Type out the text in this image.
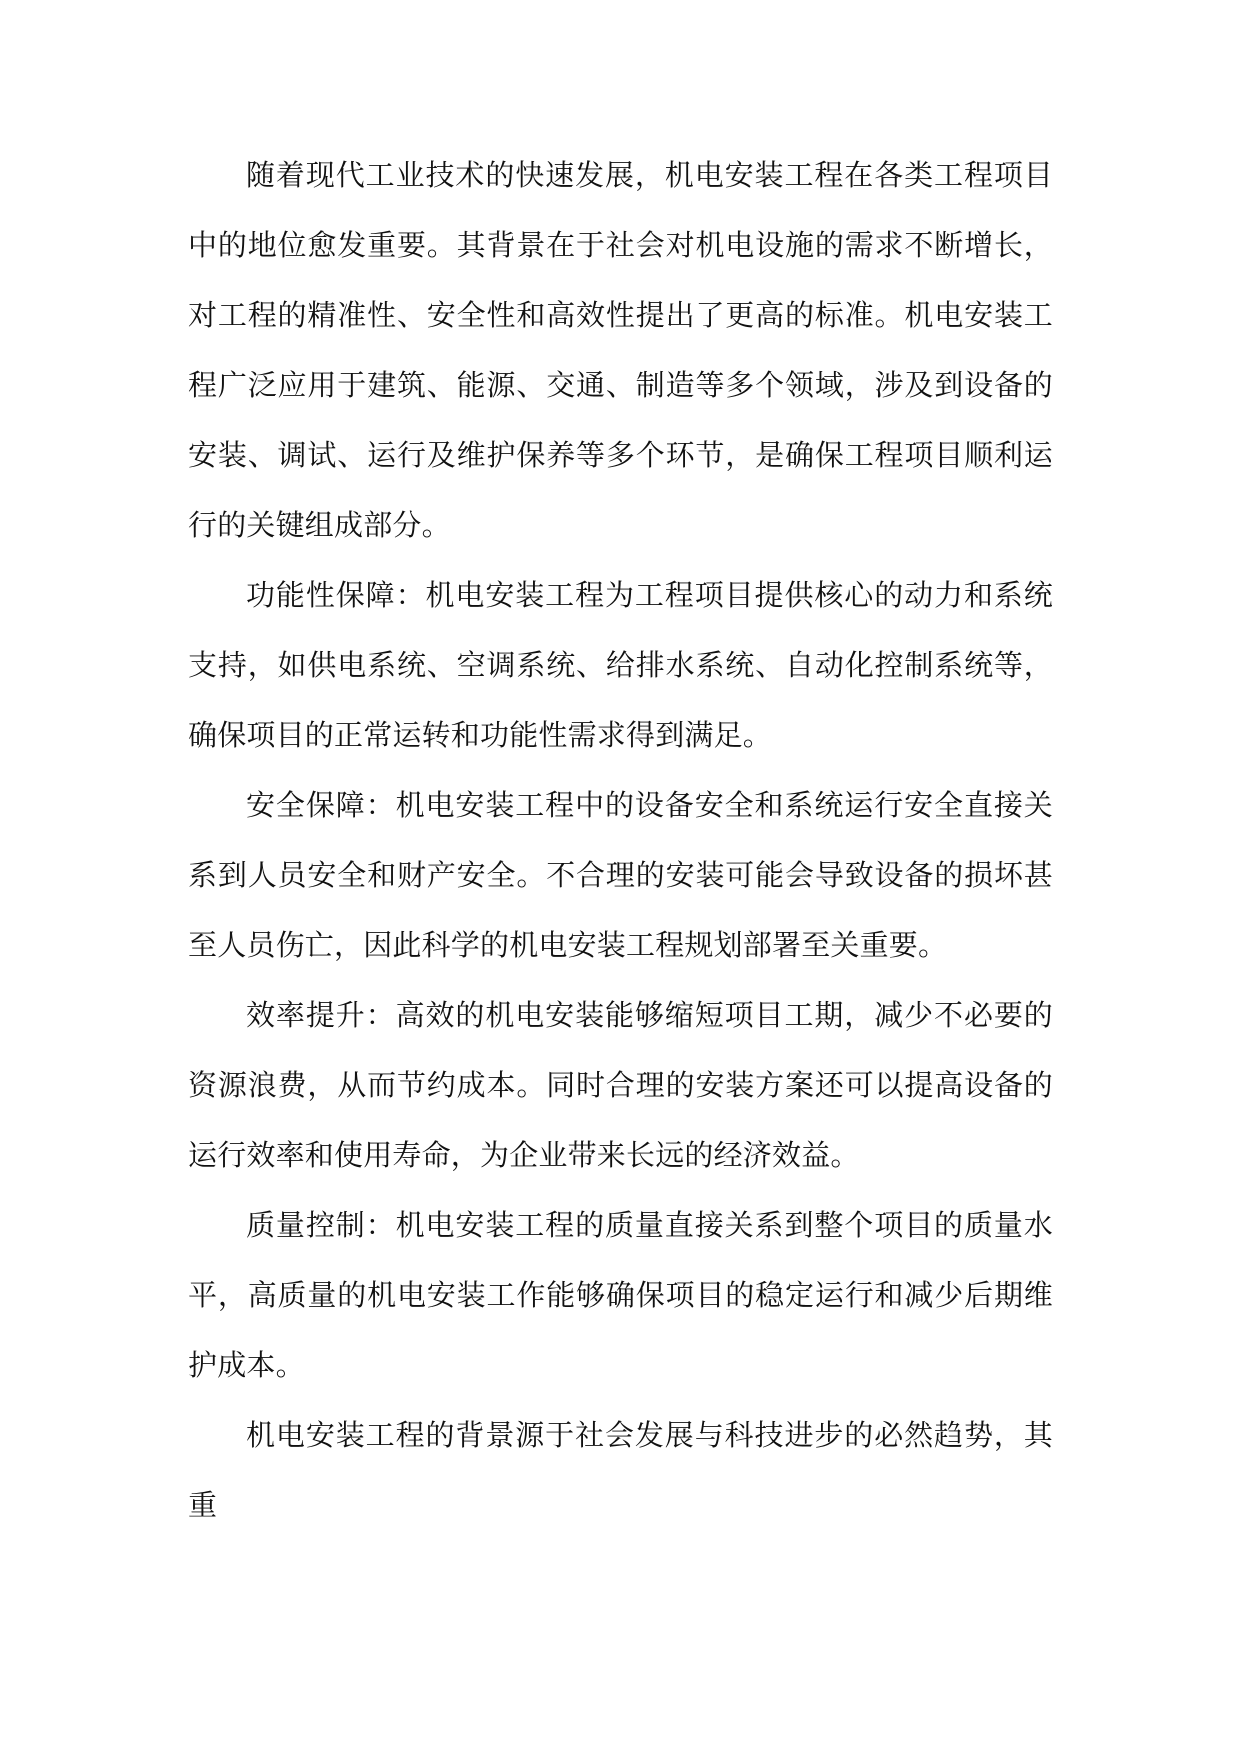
随着现代工业技术的快速发展，机电安装工程在各类工程项目中的地位愈发重要。其背景在于社会对机电设施的需求不断增长，对工程的精准性、安全性和高效性提出了更高的标准。机电安装工程广泛应用于建筑、能源、交通、制造等多个领域，涉及到设备的安装、调试、运行及维护保养等多个环节，是确保工程项目顺利运行的关键组成部分。

功能性保障：机电安装工程为工程项目提供核心的动力和系统支持，如供电系统、空调系统、给排水系统、自动化控制系统等，确保项目的正常运转和功能性需求得到满足。

安全保障：机电安装工程中的设备安全和系统运行安全直接关系到人员安全和财产安全。不合理的安装可能会导致设备的损坏甚至人员伤亡，因此科学的机电安装工程规划部署至关重要。

效率提升：高效的机电安装能够缩短项目工期，减少不必要的资源浪费，从而节约成本。同时合理的安装方案还可以提高设备的运行效率和使用寿命，为企业带来长远的经济效益。

质量控制：机电安装工程的质量直接关系到整个项目的质量水平，高质量的机电安装工作能够确保项目的稳定运行和减少后期维护成本。

机电安装工程的背景源于社会发展与科技进步的必然趋势，其重
